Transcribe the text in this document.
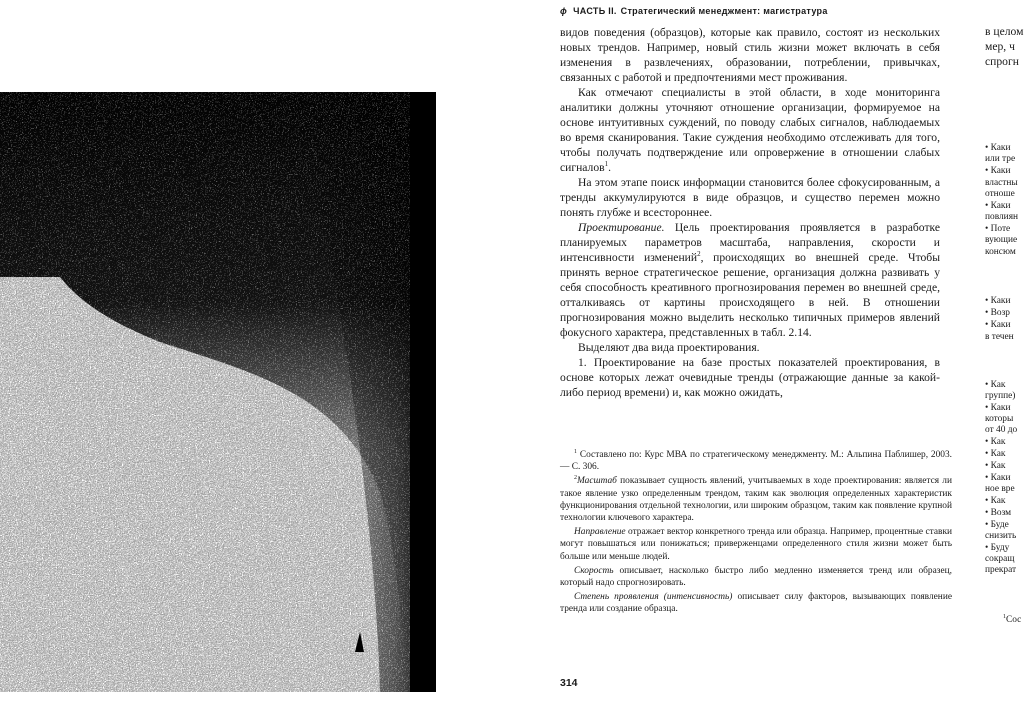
ϕ ЧАСТЬ II. Стратегический менеджмент: магистратура

видов поведения (образцов), которые как правило, состоят из нескольких новых трендов. Например, новый стиль жизни может включать в себя изменения в развлечениях, образовании, потреблении, привычках, связанных с работой и предпочтениями мест проживания.

Как отмечают специалисты в этой области, в ходе мониторинга аналитики должны уточняют отношение организации, формируемое на основе интуитивных суждений, по поводу слабых сигналов, наблюдаемых во время сканирования. Такие суждения необходимо отслеживать для того, чтобы получать подтверждение или опровержение в отношении слабых сигналов$^1$.

На этом этапе поиск информации становится более сфокусированным, а тренды аккумулируются в виде образцов, и существо перемен можно понять глубже и всестороннее.

Проектирование. Цель проектирования проявляется в разработке планируемых параметров масштаба, направления, скорости и интенсивности изменений$^2$, происходящих во внешней среде. Чтобы принять верное стратегическое решение, организация должна развивать у себя способность креативного прогнозирования перемен во внешней среде, отталкиваясь от картины происходящего в ней. В отношении прогнозирования можно выделить несколько типичных примеров явлений фокусного характера, представленных в табл. 2.14.

Выделяют два вида проектирования.

1. Проектирование на базе простых показателей проектирования, в основе которых лежат очевидные тренды (отражающие данные за какой-либо период времени) и, как можно ожидать,

$^1$ Составлено по: Курс МВА по стратегическому менеджменту. М.: Альпина Паблишер, 2003. — С. 306.

$^2$Масштаб показывает сущность явлений, учитываемых в ходе проектирования: является ли такое явление узко определенным трендом, таким как эволюция определенных характеристик функционирования отдельной технологии, или широким образцом, таким как появление крупной технологии ключевого характера.

Направление отражает вектор конкретного тренда или образца. Например, процентные ставки могут повышаться или понижаться; приверженцами определенного стиля жизни может быть больше или меньше людей.

Скорость описывает, насколько быстро либо медленно изменяется тренд или образец, который надо спрогнозировать.

Степень проявления (интенсивность) описывает силу факторов, вызывающих появление тренда или создание образца.

314
в целом
мер, ч
спрогн
• Каки
или тре
• Каки
властны
отноше
• Каки
повлиян
• Поте
вующие
консюм
• Каки
• Возр
• Каки
в течен
• Как
группе)
• Каки
которы
от 40 до
• Как
• Как
• Как
• Каки
ное вре
• Как
• Возм
• Буде
снизить
• Буду
сокращ
прекрат
$^1$Сос
